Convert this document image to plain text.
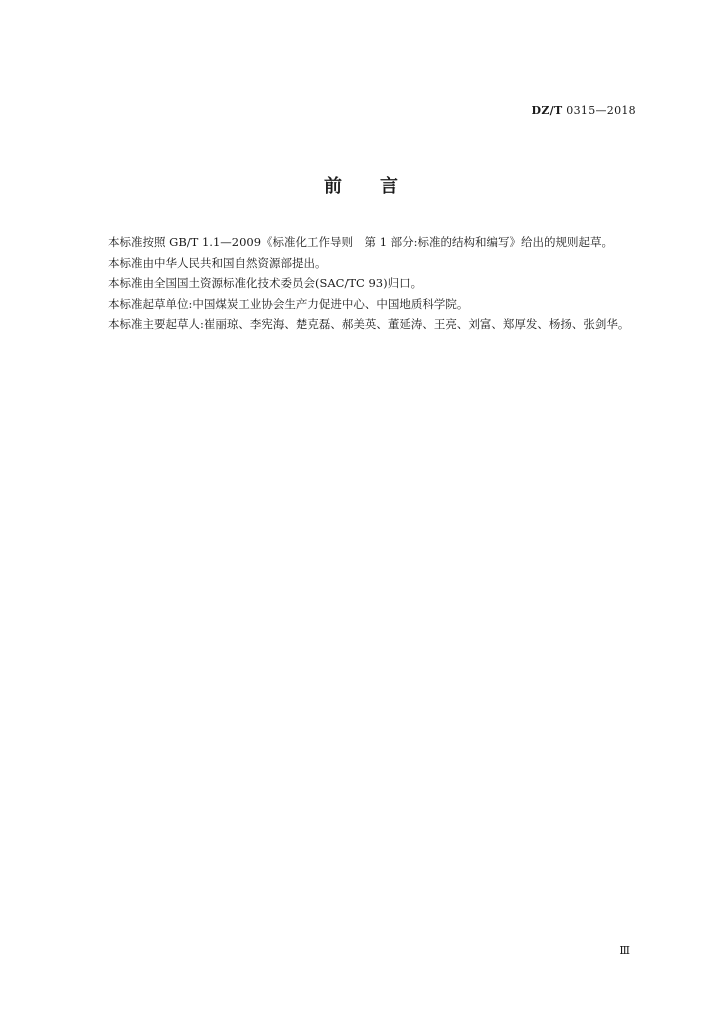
DZ/T 0315—2018
前 言

本标准按照 GB/T 1.1—2009《标准化工作导则　第 1 部分:标准的结构和编写》给出的规则起草。

本标准由中华人民共和国自然资源部提出。

本标准由全国国土资源标准化技术委员会(SAC/TC 93)归口。

本标准起草单位:中国煤炭工业协会生产力促进中心、中国地质科学院。

本标准主要起草人:崔丽琼、李宪海、楚克磊、郝美英、董延涛、王亮、刘富、郑厚发、杨扬、张剑华。

Ⅲ
